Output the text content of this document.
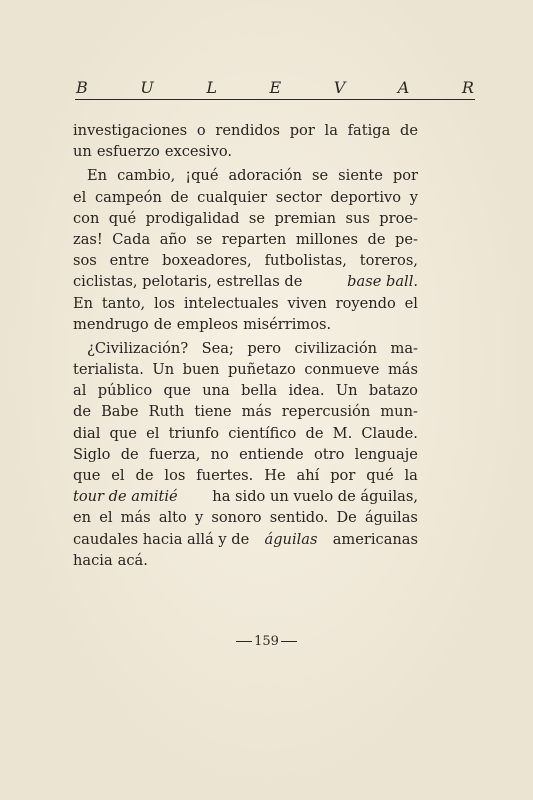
B	U	L	E	V	A	R
investigaciones o rendidos por la fatiga de
un esfuerzo excesivo.
En cambio, ¡qué adoración se siente por
el campeón de cualquier sector deportivo y
con qué prodigalidad se premian sus proe-
zas! Cada año se reparten millones de pe-
sos entre boxeadores, futbolistas, toreros,
ciclistas, pelotaris, estrellas de	base ball.
En tanto, los intelectuales viven royendo el
mendrugo de empleos misérrimos.
¿Civilización? Sea; pero civilización ma-
terialista. Un buen puñetazo conmueve más
al público que una bella idea. Un batazo
de Babe Ruth tiene más repercusión mun-
dial que el triunfo científico de M. Claude.
Siglo de fuerza, no entiende otro lenguaje
que el de los fuertes. He ahí por qué la
tour de amitié ha sido un vuelo de águilas,
en el más alto y sonoro sentido. De águilas
caudales hacia allá y de águilas americanas
hacia acá.
159
